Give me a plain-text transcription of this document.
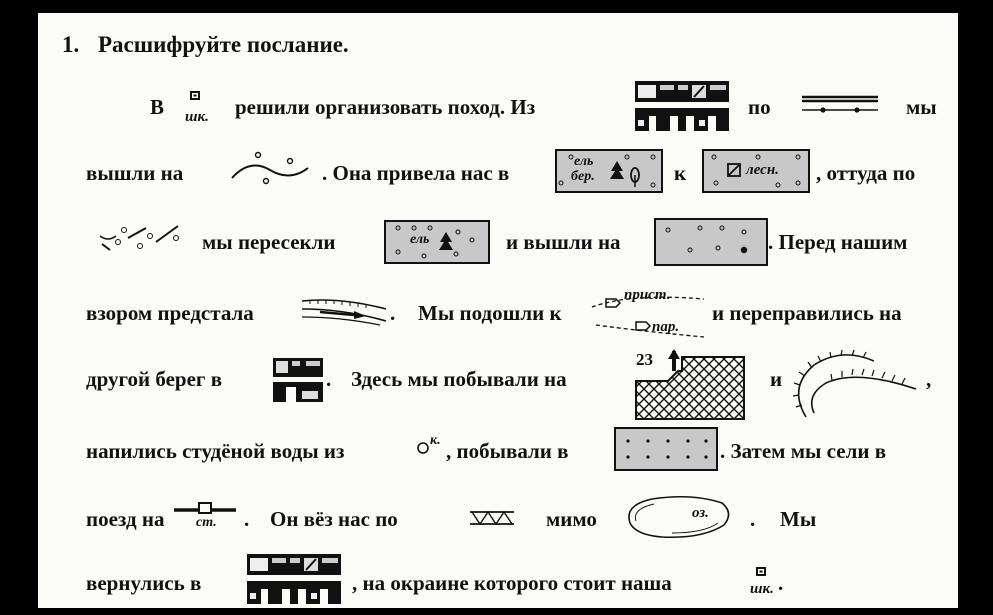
1. Расшифруйте послание.
В шк. решили организовать поход. Из	по	мы
вышли на	. Она привела нас в	ель
бер.	к	лесн. , оттуда по
мы пересекли	ель	и вышли на	. Перед нашим
взором предстала	. Мы подошли к
прист.
пар.
и переправились на
другой берег в	. Здесь мы побывали на
23
и	,
напились студёной воды из	к. , побывали в	. Затем мы сели в
поезд на ст. . Он вёз нас по	мимо	оз. . Мы
вернулись в	, на окраине которого стоит наша	шк. .
